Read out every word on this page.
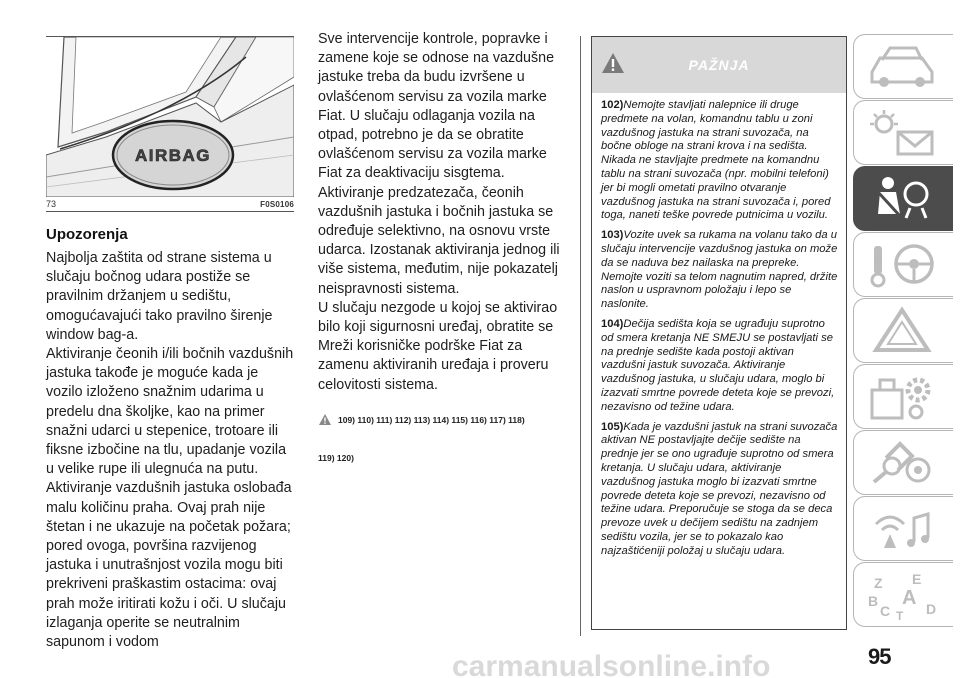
AIRBAG
73	F0S0106
Upozorenja
Najbolja zaštita od strane sistema u slučaju bočnog udara postiže se pravilnim držanjem u sedištu, omogućavajući tako pravilno širenje window bag-a.
Aktiviranje čeonih i/ili bočnih vazdušnih jastuka takođe je moguće kada je vozilo izloženo snažnim udarima u predelu dna školjke, kao na primer snažni udarci u stepenice, trotoare ili fiksne izbočine na tlu, upadanje vozila u velike rupe ili ulegnuća na putu.
Aktiviranje vazdušnih jastuka oslobađa malu količinu praha. Ovaj prah nije štetan i ne ukazuje na početak požara; pored ovoga, površina razvijenog jastuka i unutrašnjost vozila mogu biti prekriveni praškastim ostacima: ovaj prah može iritirati kožu i oči. U slučaju izlaganja operite se neutralnim sapunom i vodom
Sve intervencije kontrole, popravke i zamene koje se odnose na vazdušne jastuke treba da budu izvršene u ovlašćenom servisu za vozila marke Fiat. U slučaju odlaganja vozila na otpad, potrebno je da se obratite ovlašćenom servisu za vozila marke Fiat za deaktivaciju sisgtema.
Aktiviranje predzatezača, čeonih vazdušnih jastuka i bočnih jastuka se određuje selektivno, na osnovu vrste udarca. Izostanak aktiviranja jednog ili više sistema, međutim, nije pokazatelj neispravnosti sistema.
U slučaju nezgode u kojoj se aktivirao bilo koji sigurnosni uređaj, obratite se Mreži korisničke podrške Fiat za zamenu aktiviranih uređaja i proveru celovitosti sistema.
109) 110) 111) 112) 113) 114) 115) 116) 117) 118)
119) 120)
PAŽNJA
102)Nemojte stavljati nalepnice ili druge predmete na volan, komandnu tablu u zoni vazdušnog jastuka na strani suvozača, na bočne obloge na strani krova i na sedišta. Nikada ne stavljajte predmete na komandnu tablu na strani suvozača (npr. mobilni telefoni) jer bi mogli ometati pravilno otvaranje vazdušnog jastuka na strani suvozača i, pored toga, naneti teške povrede putnicima u vozilu.
103)Vozite uvek sa rukama na volanu tako da u slučaju intervencije vazdušnog jastuka on može da se naduva bez nailaska na prepreke. Nemojte voziti sa telom nagnutim napred, držite naslon u uspravnom položaju i lepo se naslonite.
104)Dečija sedišta koja se ugrađuju suprotno od smera kretanja NE SMEJU se postavljati se na prednje sedište kada postoji aktivan vazdušni jastuk suvozača. Aktiviranje vazdušnog jastuka, u slučaju udara, moglo bi izazvati smrtne povrede deteta koje se prevozi, nezavisno od težine udara.
105)Kada je vazdušni jastuk na strani suvozača aktivan NE postavljajte dečije sedište na prednje jer se ono ugrađuje suprotno od smera kretanja. U slučaju udara, aktiviranje vazdušnog jastuka moglo bi izazvati smrtne povrede deteta koje se prevozi, nezavisno od težine udara. Preporučuje se stoga da se deca prevoze uvek u dečijem sedištu na zadnjem sedištu vozila, jer se to pokazalo kao najzaštićeniji položaj u slučaju udara.
Z E
B A
C	D
T
carmanualsonline.info	95
